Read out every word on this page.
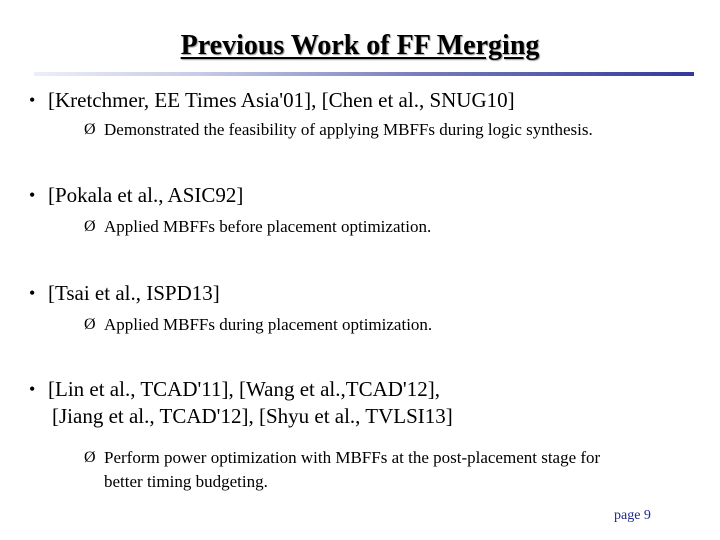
Previous Work of FF Merging
• [Kretchmer, EE Times Asia'01], [Chen et al., SNUG10]
Ø Demonstrated the feasibility of applying MBFFs during logic synthesis.
• [Pokala et al., ASIC92]
Ø Applied MBFFs before placement optimization.
• [Tsai et al., ISPD13]
Ø Applied MBFFs during placement optimization.
• [Lin et al., TCAD'11], [Wang et al.,TCAD'12],
[Jiang et al., TCAD'12], [Shyu et al., TVLSI13]
Ø Perform power optimization with MBFFs at the post-placement stage for
better timing budgeting.
page 9
